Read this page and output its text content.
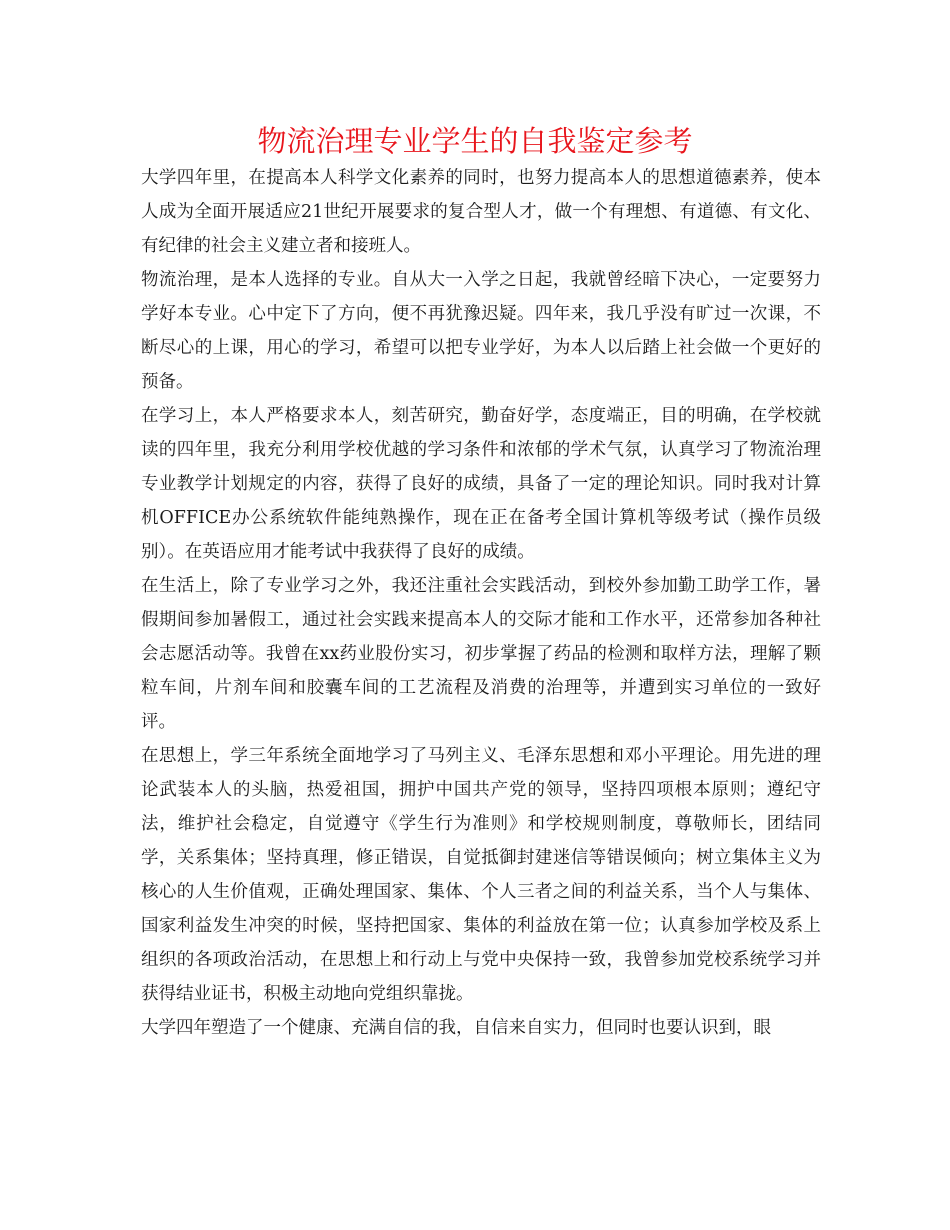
物流治理专业学生的自我鉴定参考

大学四年里，在提高本人科学文化素养的同时，也努力提高本人的思想道德素养，使本人成为全面开展适应21世纪开展要求的复合型人才，做一个有理想、有道德、有文化、有纪律的社会主义建立者和接班人。

物流治理，是本人选择的专业。自从大一入学之日起，我就曾经暗下决心，一定要努力学好本专业。心中定下了方向，便不再犹豫迟疑。四年来，我几乎没有旷过一次课，不断尽心的上课，用心的学习，希望可以把专业学好，为本人以后踏上社会做一个更好的预备。

在学习上，本人严格要求本人，刻苦研究，勤奋好学，态度端正，目的明确，在学校就读的四年里，我充分利用学校优越的学习条件和浓郁的学术气氛，认真学习了物流治理专业教学计划规定的内容，获得了良好的成绩，具备了一定的理论知识。同时我对计算机OFFICE办公系统软件能纯熟操作，现在正在备考全国计算机等级考试（操作员级别）。在英语应用才能考试中我获得了良好的成绩。

在生活上，除了专业学习之外，我还注重社会实践活动，到校外参加勤工助学工作，暑假期间参加暑假工，通过社会实践来提高本人的交际才能和工作水平，还常参加各种社会志愿活动等。我曾在xx药业股份实习，初步掌握了药品的检测和取样方法，理解了颗粒车间，片剂车间和胶囊车间的工艺流程及消费的治理等，并遭到实习单位的一致好评。

在思想上，学三年系统全面地学习了马列主义、毛泽东思想和邓小平理论。用先进的理论武装本人的头脑，热爱祖国，拥护中国共产党的领导，坚持四项根本原则；遵纪守法，维护社会稳定，自觉遵守《学生行为准则》和学校规则制度，尊敬师长，团结同学，关系集体；坚持真理，修正错误，自觉抵御封建迷信等错误倾向；树立集体主义为核心的人生价值观，正确处理国家、集体、个人三者之间的利益关系，当个人与集体、国家利益发生冲突的时候，坚持把国家、集体的利益放在第一位；认真参加学校及系上组织的各项政治活动，在思想上和行动上与党中央保持一致，我曾参加党校系统学习并获得结业证书，积极主动地向党组织靠拢。

大学四年塑造了一个健康、充满自信的我，自信来自实力，但同时也要认识到，眼
